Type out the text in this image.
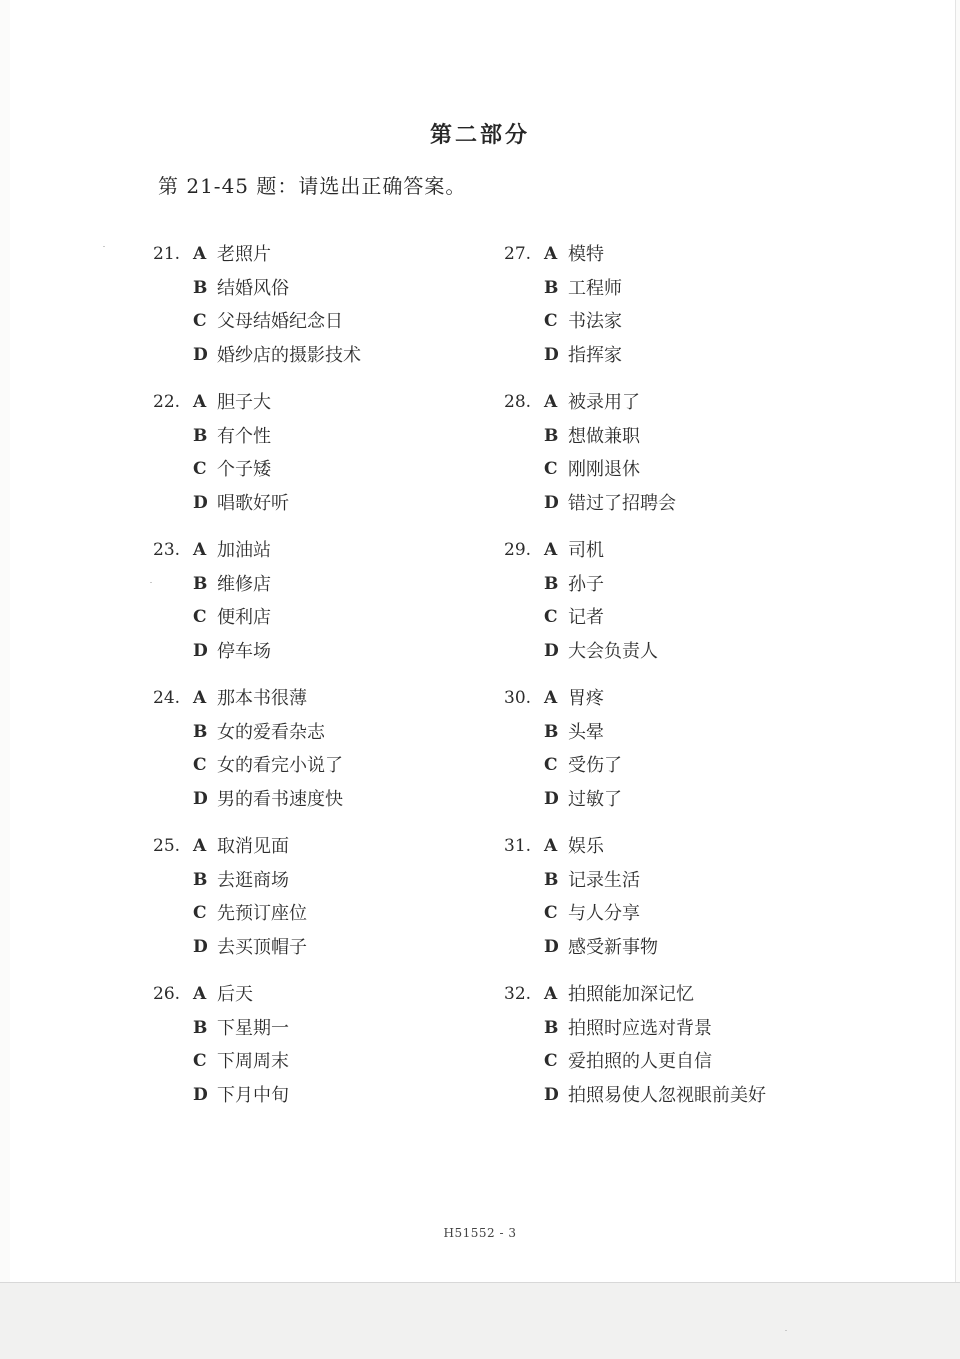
第二部分
第 21-45 题：请选出正确答案。
21. A 老照片
B 结婚风俗
C 父母结婚纪念日
D 婚纱店的摄影技术
22. A 胆子大
B 有个性
C 个子矮
D 唱歌好听
23. A 加油站
B 维修店
C 便利店
D 停车场
24. A 那本书很薄
B 女的爱看杂志
C 女的看完小说了
D 男的看书速度快
25. A 取消见面
B 去逛商场
C 先预订座位
D 去买顶帽子
26. A 后天
B 下星期一
C 下周周末
D 下月中旬
27. A 模特
B 工程师
C 书法家
D 指挥家
28. A 被录用了
B 想做兼职
C 刚刚退休
D 错过了招聘会
29. A 司机
B 孙子
C 记者
D 大会负责人
30. A 胃疼
B 头晕
C 受伤了
D 过敏了
31. A 娱乐
B 记录生活
C 与人分享
D 感受新事物
32. A 拍照能加深记忆
B 拍照时应选对背景
C 爱拍照的人更自信
D 拍照易使人忽视眼前美好
H51552 - 3
